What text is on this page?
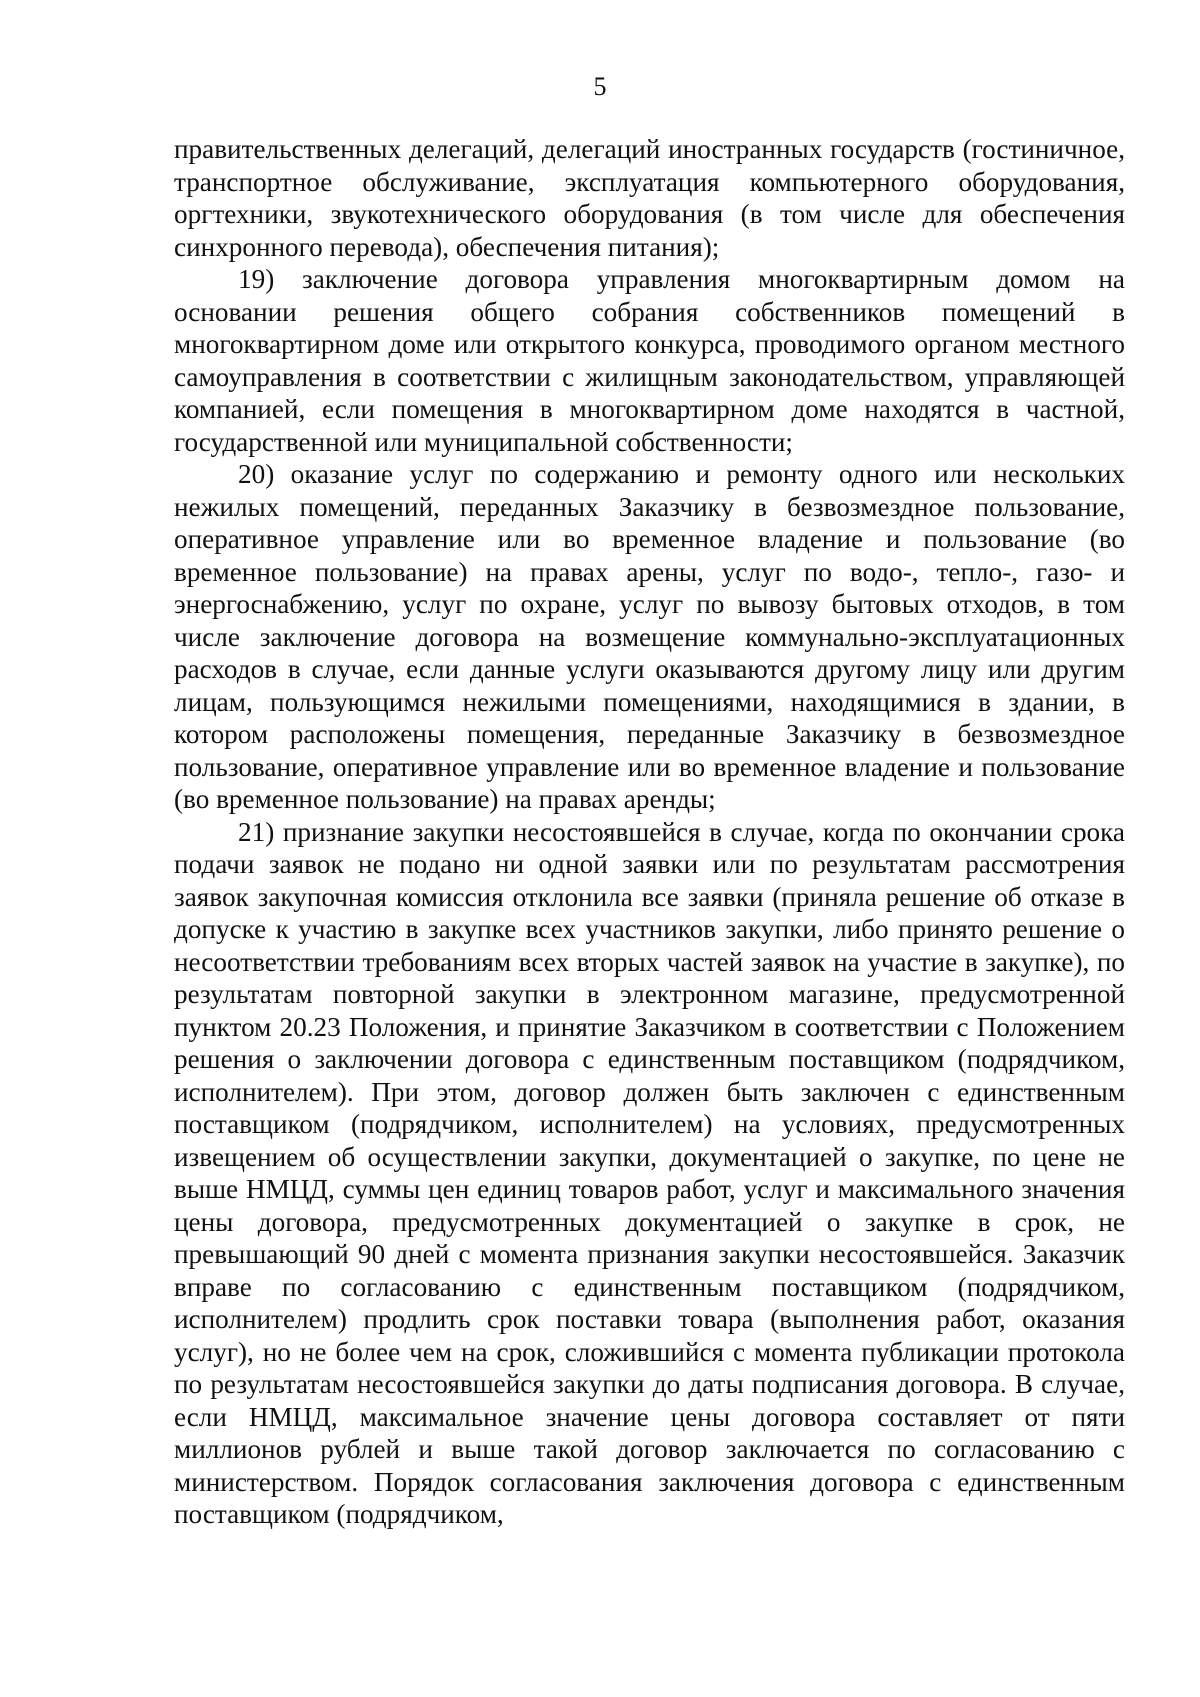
5

правительственных делегаций, делегаций иностранных государств (гостиничное, транспортное обслуживание, эксплуатация компьютерного оборудования, оргтехники, звукотехнического оборудования (в том числе для обеспечения синхронного перевода), обеспечения питания);

19) заключение договора управления многоквартирным домом на основании решения общего собрания собственников помещений в многоквартирном доме или открытого конкурса, проводимого органом местного самоуправления в соответствии с жилищным законодательством, управляющей компанией, если помещения в многоквартирном доме находятся в частной, государственной или муниципальной собственности;

20) оказание услуг по содержанию и ремонту одного или нескольких нежилых помещений, переданных Заказчику в безвозмездное пользование, оперативное управление или во временное владение и пользование (во временное пользование) на правах арены, услуг по водо-, тепло-, газо- и энергоснабжению, услуг по охране, услуг по вывозу бытовых отходов, в том числе заключение договора на возмещение коммунально-эксплуатационных расходов в случае, если данные услуги оказываются другому лицу или другим лицам, пользующимся нежилыми помещениями, находящимися в здании, в котором расположены помещения, переданные Заказчику в безвозмездное пользование, оперативное управление или во временное владение и пользование (во временное пользование) на правах аренды;

21) признание закупки несостоявшейся в случае, когда по окончании срока подачи заявок не подано ни одной заявки или по результатам рассмотрения заявок закупочная комиссия отклонила все заявки (приняла решение об отказе в допуске к участию в закупке всех участников закупки, либо принято решение о несоответствии требованиям всех вторых частей заявок на участие в закупке), по результатам повторной закупки в электронном магазине, предусмотренной пунктом 20.23 Положения, и принятие Заказчиком в соответствии с Положением решения о заключении договора с единственным поставщиком (подрядчиком, исполнителем). При этом, договор должен быть заключен с единственным поставщиком (подрядчиком, исполнителем) на условиях, предусмотренных извещением об осуществлении закупки, документацией о закупке, по цене не выше НМЦД, суммы цен единиц товаров работ, услуг и максимального значения цены договора, предусмотренных документацией о закупке в срок, не превышающий 90 дней с момента признания закупки несостоявшейся. Заказчик вправе по согласованию с единственным поставщиком (подрядчиком, исполнителем) продлить срок поставки товара (выполнения работ, оказания услуг), но не более чем на срок, сложившийся с момента публикации протокола по результатам несостоявшейся закупки до даты подписания договора. В случае, если НМЦД, максимальное значение цены договора составляет от пяти миллионов рублей и выше такой договор заключается по согласованию с министерством. Порядок согласования заключения договора с единственным поставщиком (подрядчиком,
